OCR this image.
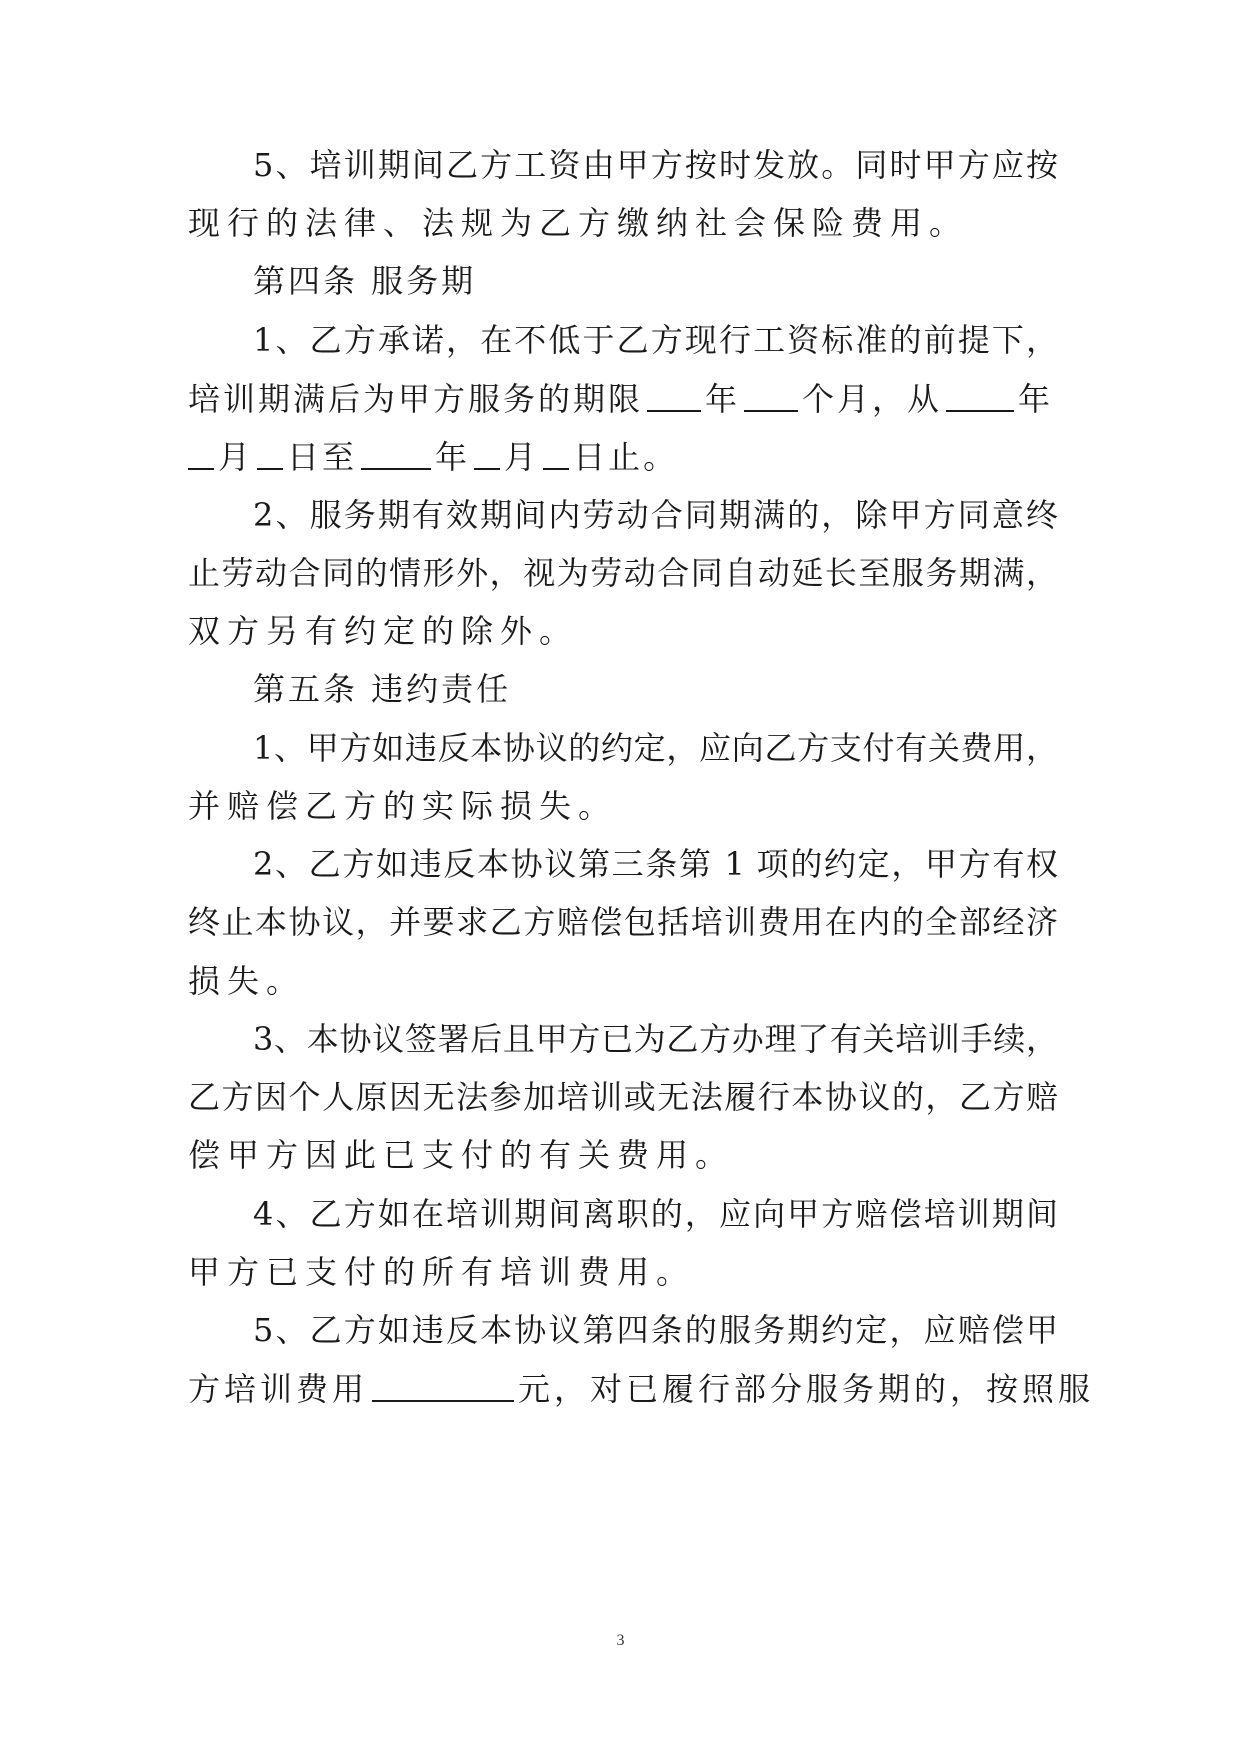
5、培训期间乙方工资由甲方按时发放。同时甲方应按
现行的法律、法规为乙方缴纳社会保险费用。
第四条 服务期
1、乙方承诺，在不低于乙方现行工资标准的前提下，
培训期满后为甲方服务的期限 年 个月，从 年
月 日至 年 月 日止。
2、服务期有效期间内劳动合同期满的，除甲方同意终
止劳动合同的情形外，视为劳动合同自动延长至服务期满，
双方另有约定的除外。
第五条 违约责任
1、甲方如违反本协议的约定，应向乙方支付有关费用，
并赔偿乙方的实际损失。
2、乙方如违反本协议第三条第 1 项的约定，甲方有权
终止本协议，并要求乙方赔偿包括培训费用在内的全部经济
损失。
3、本协议签署后且甲方已为乙方办理了有关培训手续，
乙方因个人原因无法参加培训或无法履行本协议的，乙方赔
偿甲方因此已支付的有关费用。
4、乙方如在培训期间离职的，应向甲方赔偿培训期间
甲方已支付的所有培训费用。
5、乙方如违反本协议第四条的服务期约定，应赔偿甲
方培训费用	元，对已履行部分服务期的，按照服
3
